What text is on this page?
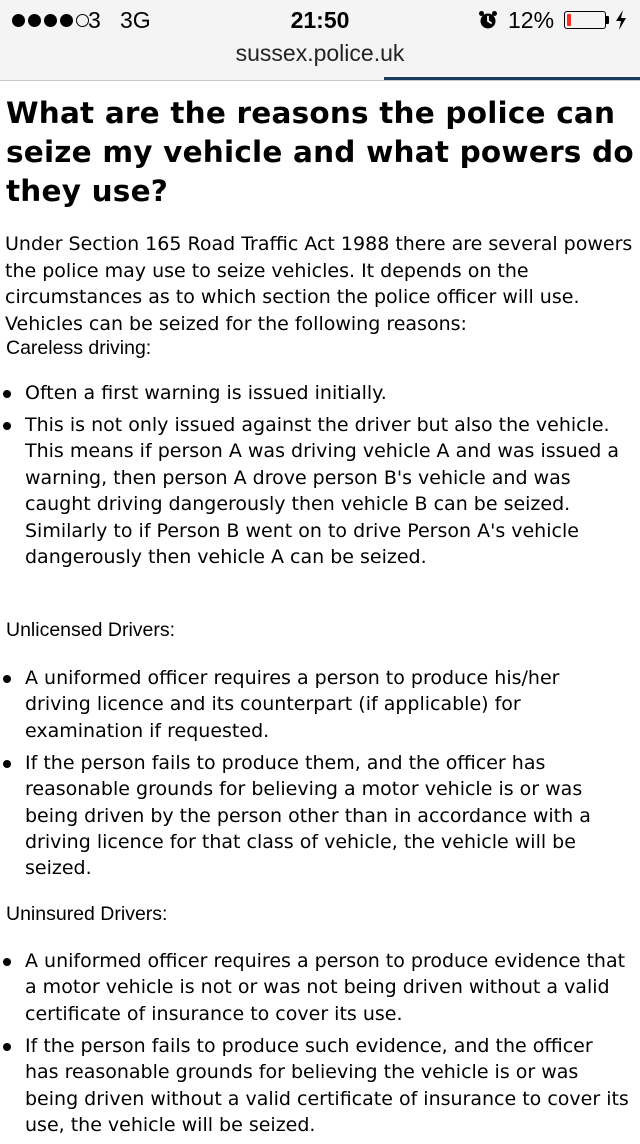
3 3G	21:50	12%
sussex.police.uk
What are the reasons the police can seize my vehicle and what powers do they use?

Under Section 165 Road Traffic Act 1988 there are several powers the police may use to seize vehicles. It depends on the circumstances as to which section the police officer will use. Vehicles can be seized for the following reasons:

Careless driving:
Often a first warning is issued initially.
This is not only issued against the driver but also the vehicle. This means if person A was driving vehicle A and was issued a warning, then person A drove person B's vehicle and was caught driving dangerously then vehicle B can be seized. Similarly to if Person B went on to drive Person A's vehicle dangerously then vehicle A can be seized.
Unlicensed Drivers:
A uniformed officer requires a person to produce his/her driving licence and its counterpart (if applicable) for examination if requested.
If the person fails to produce them, and the officer has reasonable grounds for believing a motor vehicle is or was being driven by the person other than in accordance with a driving licence for that class of vehicle, the vehicle will be seized.
Uninsured Drivers:
A uniformed officer requires a person to produce evidence that a motor vehicle is not or was not being driven without a valid certificate of insurance to cover its use.
If the person fails to produce such evidence, and the officer has reasonable grounds for believing the vehicle is or was being driven without a valid certificate of insurance to cover its use, the vehicle will be seized.
